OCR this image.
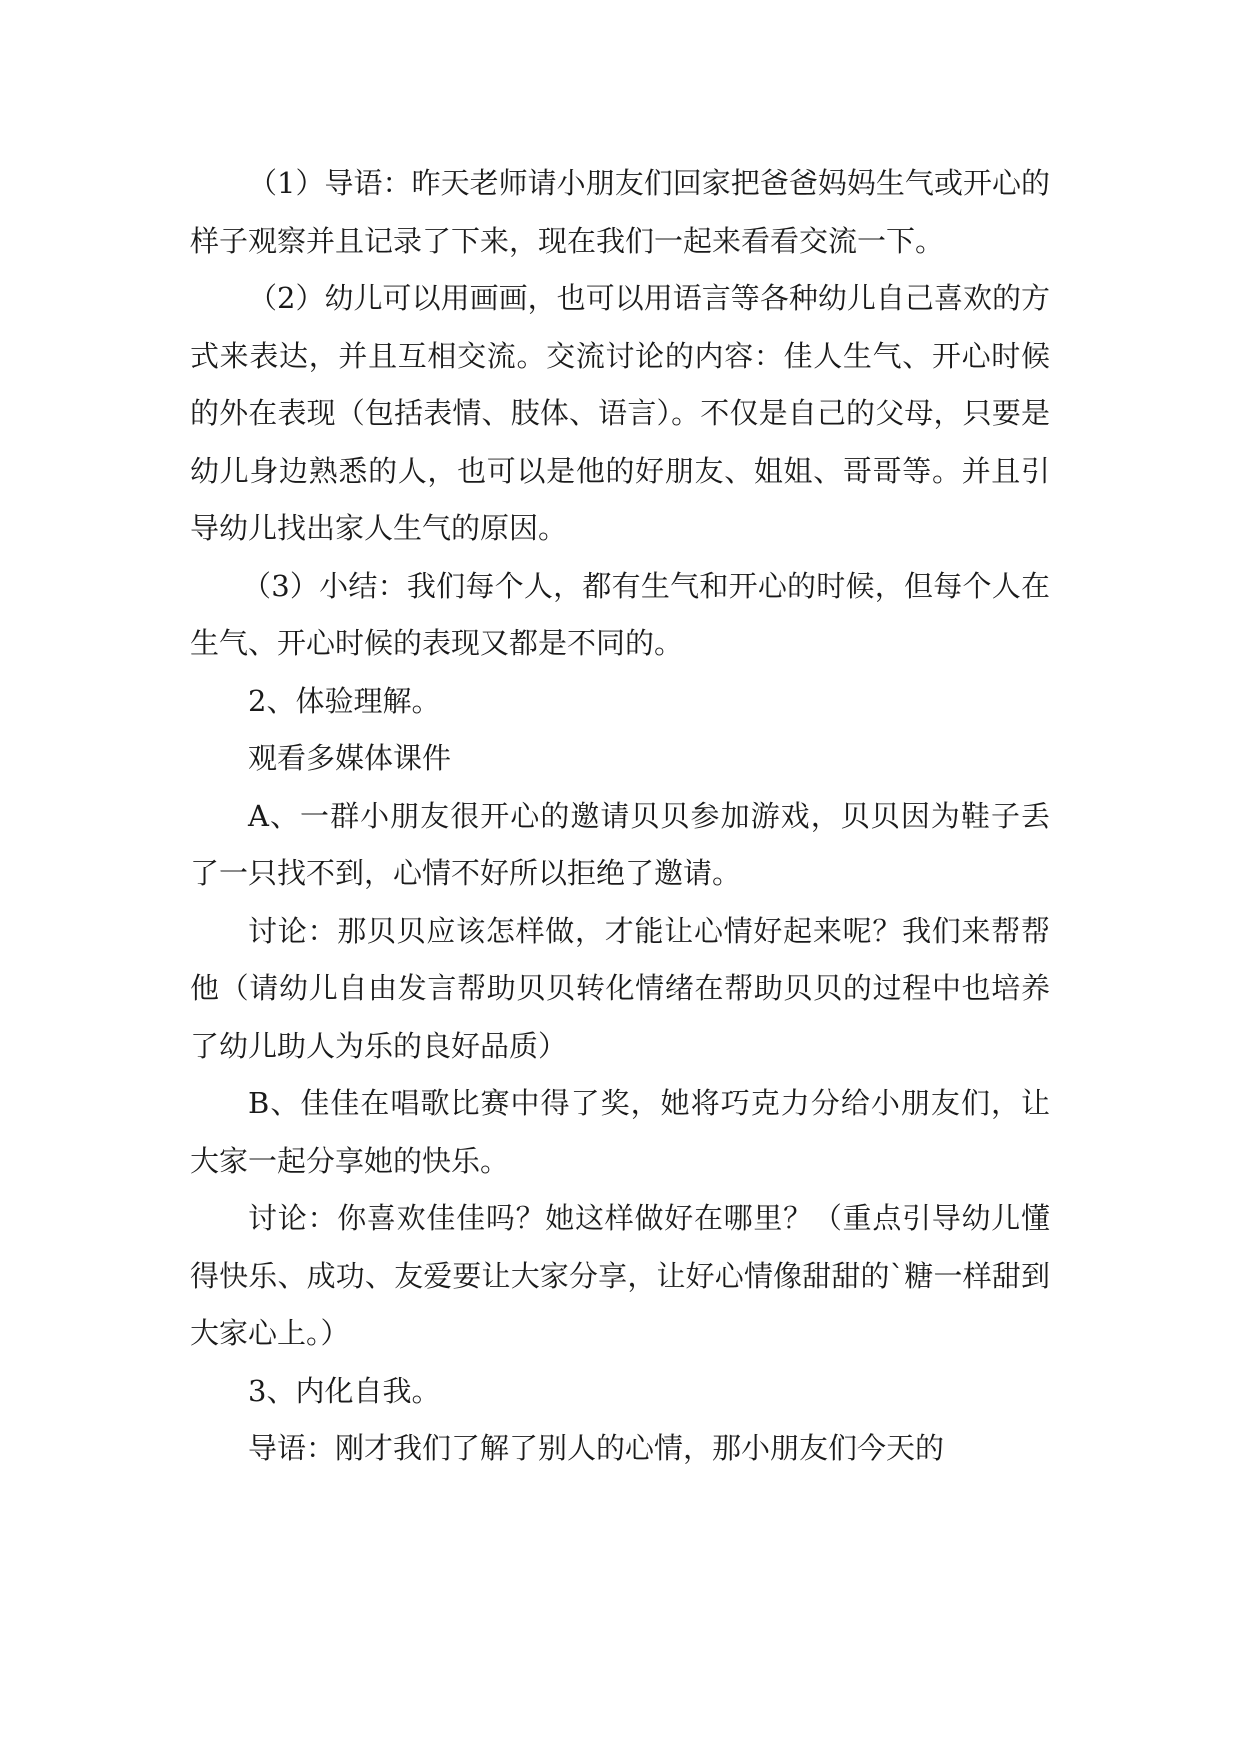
（1）导语：昨天老师请小朋友们回家把爸爸妈妈生气或开心的样子观察并且记录了下来，现在我们一起来看看交流一下。

（2）幼儿可以用画画，也可以用语言等各种幼儿自己喜欢的方式来表达，并且互相交流。交流讨论的内容：佳人生气、开心时候的外在表现（包括表情、肢体、语言）。不仅是自己的父母，只要是幼儿身边熟悉的人，也可以是他的好朋友、姐姐、哥哥等。并且引导幼儿找出家人生气的原因。

（3）小结：我们每个人，都有生气和开心的时候，但每个人在生气、开心时候的表现又都是不同的。

2、体验理解。

观看多媒体课件

A、一群小朋友很开心的邀请贝贝参加游戏，贝贝因为鞋子丢了一只找不到，心情不好所以拒绝了邀请。

讨论：那贝贝应该怎样做，才能让心情好起来呢？我们来帮帮他（请幼儿自由发言帮助贝贝转化情绪在帮助贝贝的过程中也培养了幼儿助人为乐的良好品质）

B、佳佳在唱歌比赛中得了奖，她将巧克力分给小朋友们，让大家一起分享她的快乐。

讨论：你喜欢佳佳吗？她这样做好在哪里？（重点引导幼儿懂得快乐、成功、友爱要让大家分享，让好心情像甜甜的`糖一样甜到大家心上。）

3、内化自我。

导语：刚才我们了解了别人的心情，那小朋友们今天的
